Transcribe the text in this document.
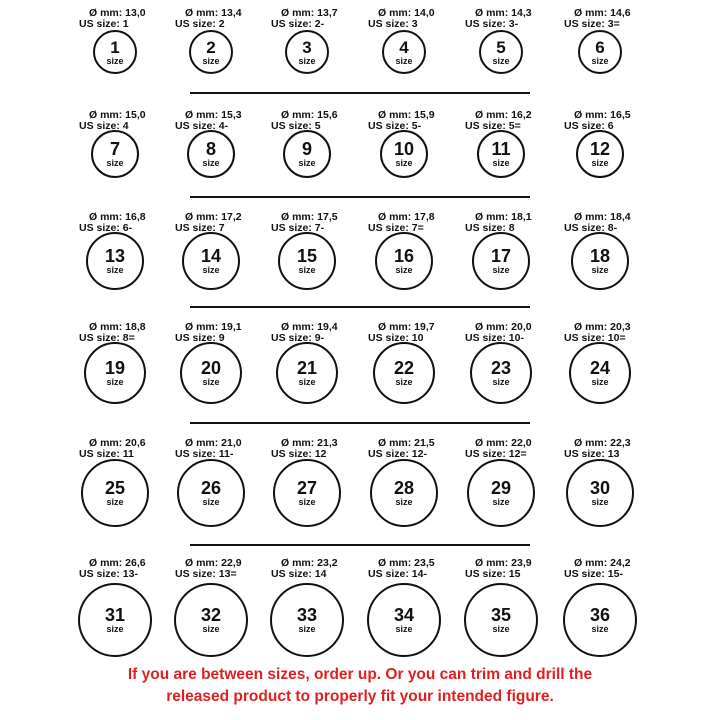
Ø mm: 13,0
US size: 1
1
size
Ø mm: 13,4
US size: 2
2
size
Ø mm: 13,7
US size: 2-
3
size
Ø mm: 14,0
US size: 3
4
size
Ø mm: 14,3
US size: 3-
5
size
Ø mm: 14,6
US size: 3=
6
size
Ø mm: 15,0
US size: 4
7
size
Ø mm: 15,3
US size: 4-
8
size
Ø mm: 15,6
US size: 5
9
size
Ø mm: 15,9
US size: 5-
10
size
Ø mm: 16,2
US size: 5=
11
size
Ø mm: 16,5
US size: 6
12
size
Ø mm: 16,8
US size: 6-
13
size
Ø mm: 17,2
US size: 7
14
size
Ø mm: 17,5
US size: 7-
15
size
Ø mm: 17,8
US size: 7=
16
size
Ø mm: 18,1
US size: 8
17
size
Ø mm: 18,4
US size: 8-
18
size
Ø mm: 18,8
US size: 8=
19
size
Ø mm: 19,1
US size: 9
20
size
Ø mm: 19,4
US size: 9-
21
size
Ø mm: 19,7
US size: 10
22
size
Ø mm: 20,0
US size: 10-
23
size
Ø mm: 20,3
US size: 10=
24
size
Ø mm: 20,6
US size: 11
25
size
Ø mm: 21,0
US size: 11-
26
size
Ø mm: 21,3
US size: 12
27
size
Ø mm: 21,5
US size: 12-
28
size
Ø mm: 22,0
US size: 12=
29
size
Ø mm: 22,3
US size: 13
30
size
Ø mm: 26,6
US size: 13-
31
size
Ø mm: 22,9
US size: 13=
32
size
Ø mm: 23,2
US size: 14
33
size
Ø mm: 23,5
US size: 14-
34
size
Ø mm: 23,9
US size: 15
35
size
Ø mm: 24,2
US size: 15-
36
size
If you are between sizes, order up. Or you can trim and drill the
released product to properly fit your intended figure.
